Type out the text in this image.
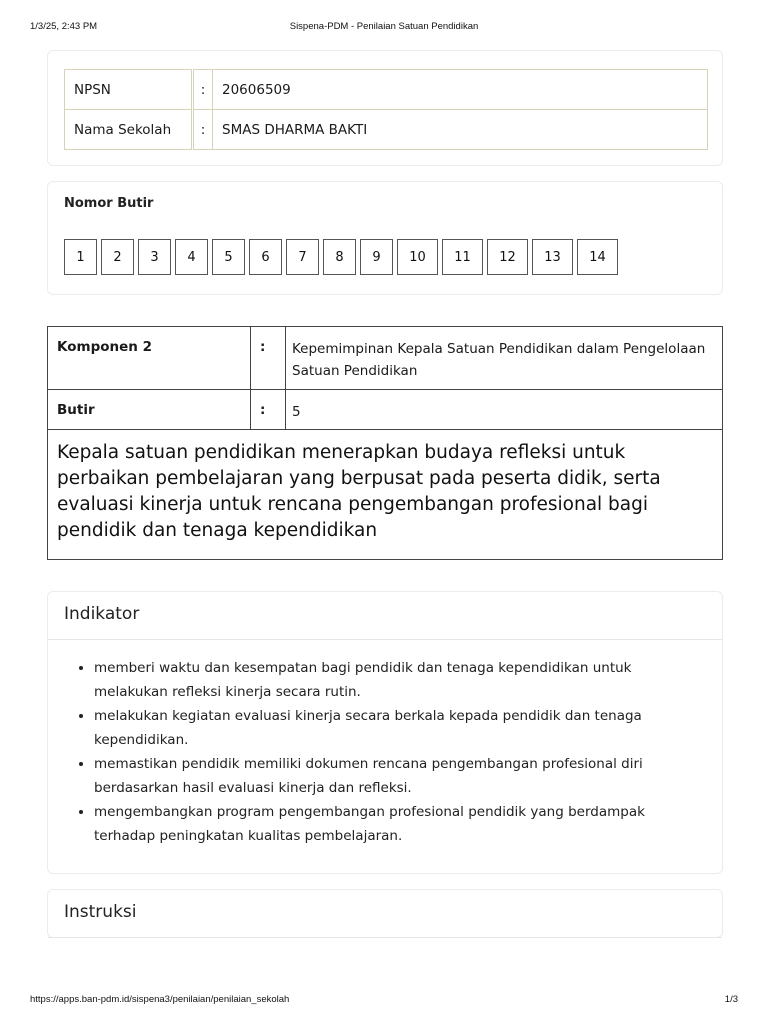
1/3/25, 2:43 PM	Sispena-PDM - Penilaian Satuan Pendidikan
NPSN	:	20606509
Nama Sekolah	:	SMAS DHARMA BAKTI
Nomor Butir
1	2	3	4	5	6	7	8	9	10	11	12	13	14
Komponen 2	:	Kepemimpinan Kepala Satuan Pendidikan dalam Pengelolaan Satuan Pendidikan
Butir	:	5
Kepala satuan pendidikan menerapkan budaya refleksi untuk perbaikan pembelajaran yang berpusat pada peserta didik, serta evaluasi kinerja untuk rencana pengembangan profesional bagi pendidik dan tenaga kependidikan		
Indikator
• memberi waktu dan kesempatan bagi pendidik dan tenaga kependidikan untuk melakukan refleksi kinerja secara rutin.
• melakukan kegiatan evaluasi kinerja secara berkala kepada pendidik dan tenaga kependidikan.
• memastikan pendidik memiliki dokumen rencana pengembangan profesional diri berdasarkan hasil evaluasi kinerja dan refleksi.
• mengembangkan program pengembangan profesional pendidik yang berdampak terhadap peningkatan kualitas pembelajaran.
Instruksi
https://apps.ban-pdm.id/sispena3/penilaian/penilaian_sekolah	1/3
